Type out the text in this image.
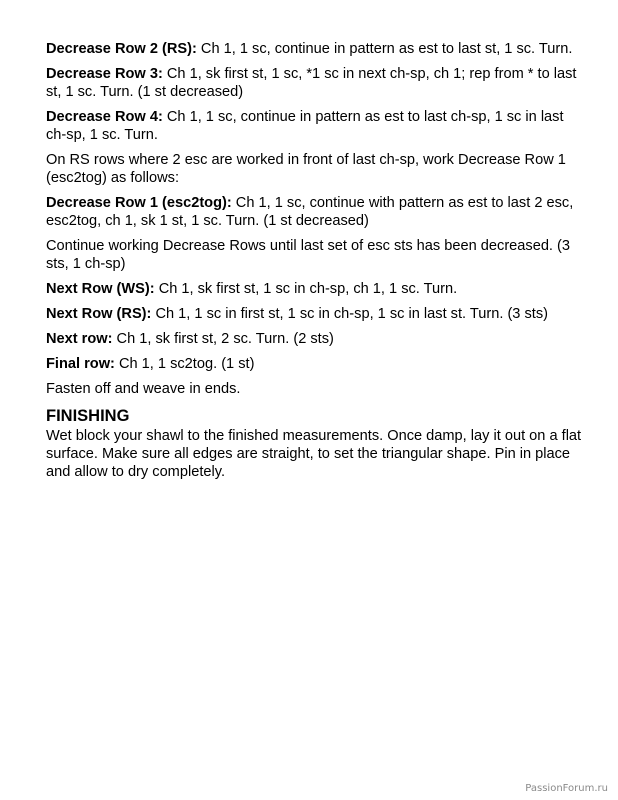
Decrease Row 2 (RS): Ch 1, 1 sc, continue in pattern as est to last st, 1 sc. Turn.

Decrease Row 3: Ch 1, sk first st, 1 sc, *1 sc in next ch-sp, ch 1; rep from * to last st, 1 sc. Turn. (1 st decreased)

Decrease Row 4: Ch 1, 1 sc, continue in pattern as est to last ch-sp, 1 sc in last ch-sp, 1 sc. Turn.

On RS rows where 2 esc are worked in front of last ch-sp, work Decrease Row 1 (esc2tog) as follows:

Decrease Row 1 (esc2tog): Ch 1, 1 sc, continue with pattern as est to last 2 esc, esc2tog, ch 1, sk 1 st, 1 sc. Turn. (1 st decreased)

Continue working Decrease Rows until last set of esc sts has been decreased. (3 sts, 1 ch-sp)

Next Row (WS): Ch 1, sk first st, 1 sc in ch-sp, ch 1, 1 sc. Turn.

Next Row (RS): Ch 1, 1 sc in first st, 1 sc in ch-sp, 1 sc in last st. Turn. (3 sts)

Next row: Ch 1, sk first st, 2 sc. Turn. (2 sts)

Final row: Ch 1, 1 sc2tog. (1 st)

Fasten off and weave in ends.

FINISHING

Wet block your shawl to the finished measurements. Once damp, lay it out on a flat surface. Make sure all edges are straight, to set the triangular shape. Pin in place and allow to dry completely.

PassionForum.ru
